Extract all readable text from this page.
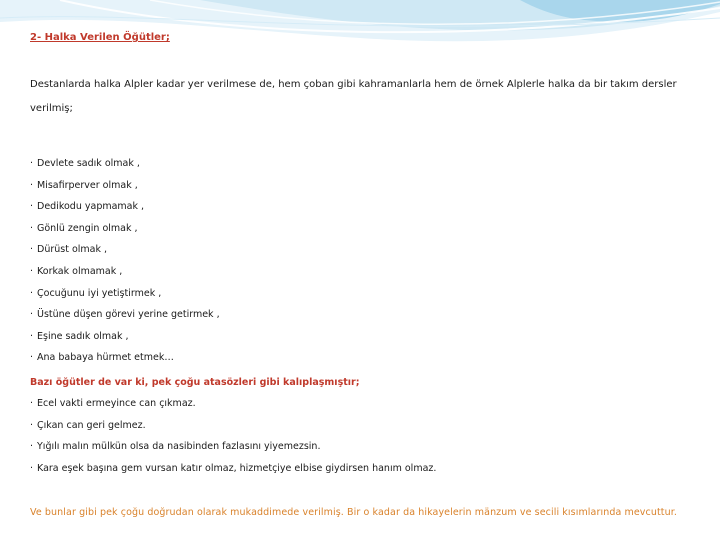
2- Halka Verilen Öğütler;
Destanlarda halka Alpler kadar yer verilmese de, hem çoban gibi kahramanlarla hem de örnek Alplerle halka da bir takım dersler verilmiş;
· Devlete sadık olmak ,
· Misafirperver olmak ,
· Dedikodu yapmamak ,
· Gönlü zengin olmak ,
· Dürüst olmak ,
· Korkak olmamak ,
· Çocuğunu iyi yetiştirmek ,
· Üstüne düşen görevi yerine getirmek ,
· Eşine sadık olmak ,
· Ana babaya hürmet etmek…
Bazı öğütler de var ki, pek çoğu atasözleri gibi kalıplaşmıştır;
· Ecel vakti ermeyince can çıkmaz.
· Çıkan can geri gelmez.
· Yığılı malın mülkün olsa da nasibinden fazlasını yiyemezsin.
· Kara eşek başına gem vursan katır olmaz, hizmetçiye elbise giydirsen hanım olmaz.
Ve bunlar gibi pek çoğu doğrudan olarak mukaddimede verilmiş. Bir o kadar da hikayelerin mänzum ve secili kısımlarında mevcuttur.
